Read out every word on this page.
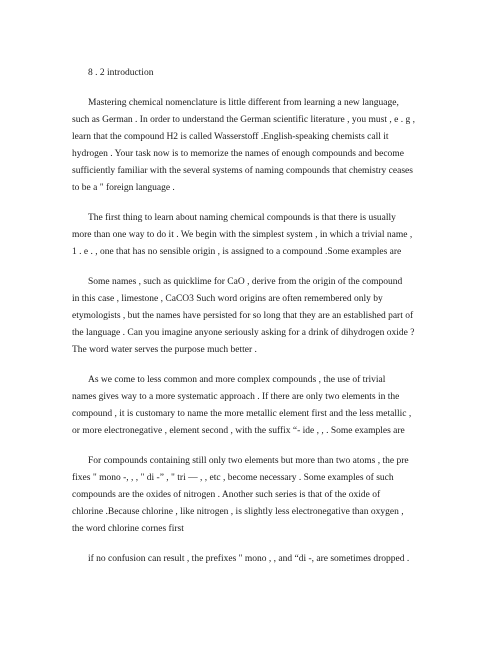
8 . 2 introduction
Mastering chemical nomenclature is little different from learning a new language,
such as German . In order to understand the German scientific literature , you must , e . g ,
learn that the compound H2 is called Wasserstoff .English-speaking chemists call it
hydrogen . Your task now is to memorize the names of enough compounds and become
sufficiently familiar with the several systems of naming compounds that chemistry ceases
to be a " foreign language .
The first thing to learn about naming chemical compounds is that there is usually
more than one way to do it . We begin with the simplest system , in which a trivial name ,
1 . e . , one that has no sensible origin , is assigned to a compound .Some examples are
Some names , such as quicklime for CaO , derive from the origin of the compound
in this case , limestone , CaCO3 Such word origins are often remembered only by
etymologists , but the names have persisted for so long that they are an established part of
the language . Can you imagine anyone seriously asking for a drink of dihydrogen oxide ?
The word water serves the purpose much better .
As we come to less common and more complex compounds , the use of trivial
names gives way to a more systematic approach . If there are only two elements in the
compound , it is customary to name the more metallic element first and the less metallic ,
or more electronegative , element second , with the suffix “- ide , , . Some examples are
For compounds containing still only two elements but more than two atoms , the pre
fixes " mono -, , , " di -” , " tri — , , etc , become necessary . Some examples of such
compounds are the oxides of nitrogen . Another such series is that of the oxide of
chlorine .Because chlorine , like nitrogen , is slightly less electronegative than oxygen ,
the word chlorine cornes first
if no confusion can result , the prefixes " mono , , and “di -, are sometimes dropped .
